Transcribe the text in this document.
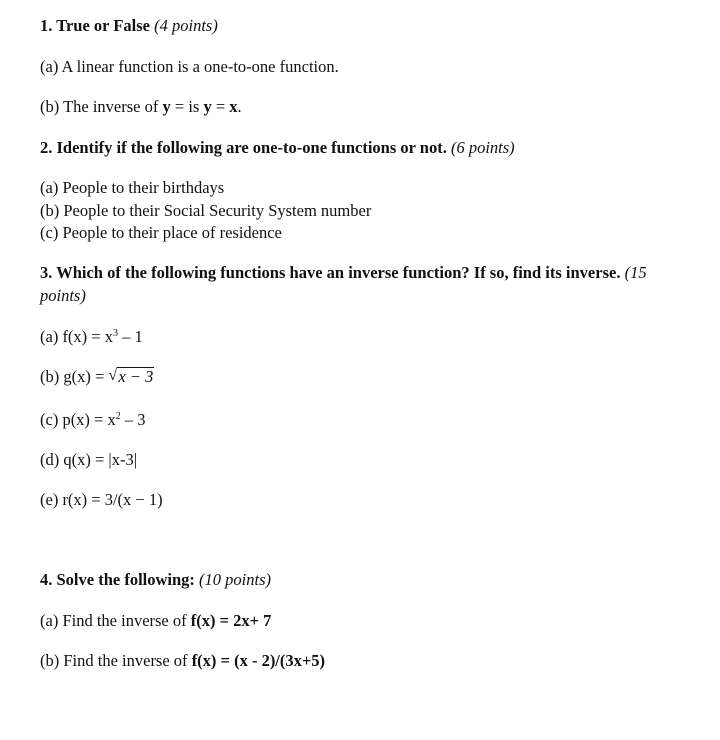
1. True or False (4 points)
(a) A linear function is a one-to-one function.
(b) The inverse of y = is y = x.
2. Identify if the following are one-to-one functions or not. (6 points)
(a) People to their birthdays
(b) People to their Social Security System number
(c) People to their place of residence
3. Which of the following functions have an inverse function? If so, find its inverse. (15
points)
(a) $f(x) = x^3 - 1$
(b) g(x) = √ x − 3
(c) $p(x) = x^2 - 3$
(d) q(x) = |x-3|
(e) r(x) = 3/(x − 1)
4. Solve the following: (10 points)
(a) Find the inverse of f(x) = 2x+ 7
(b) Find the inverse of f(x) = (x - 2)/(3x+5)
